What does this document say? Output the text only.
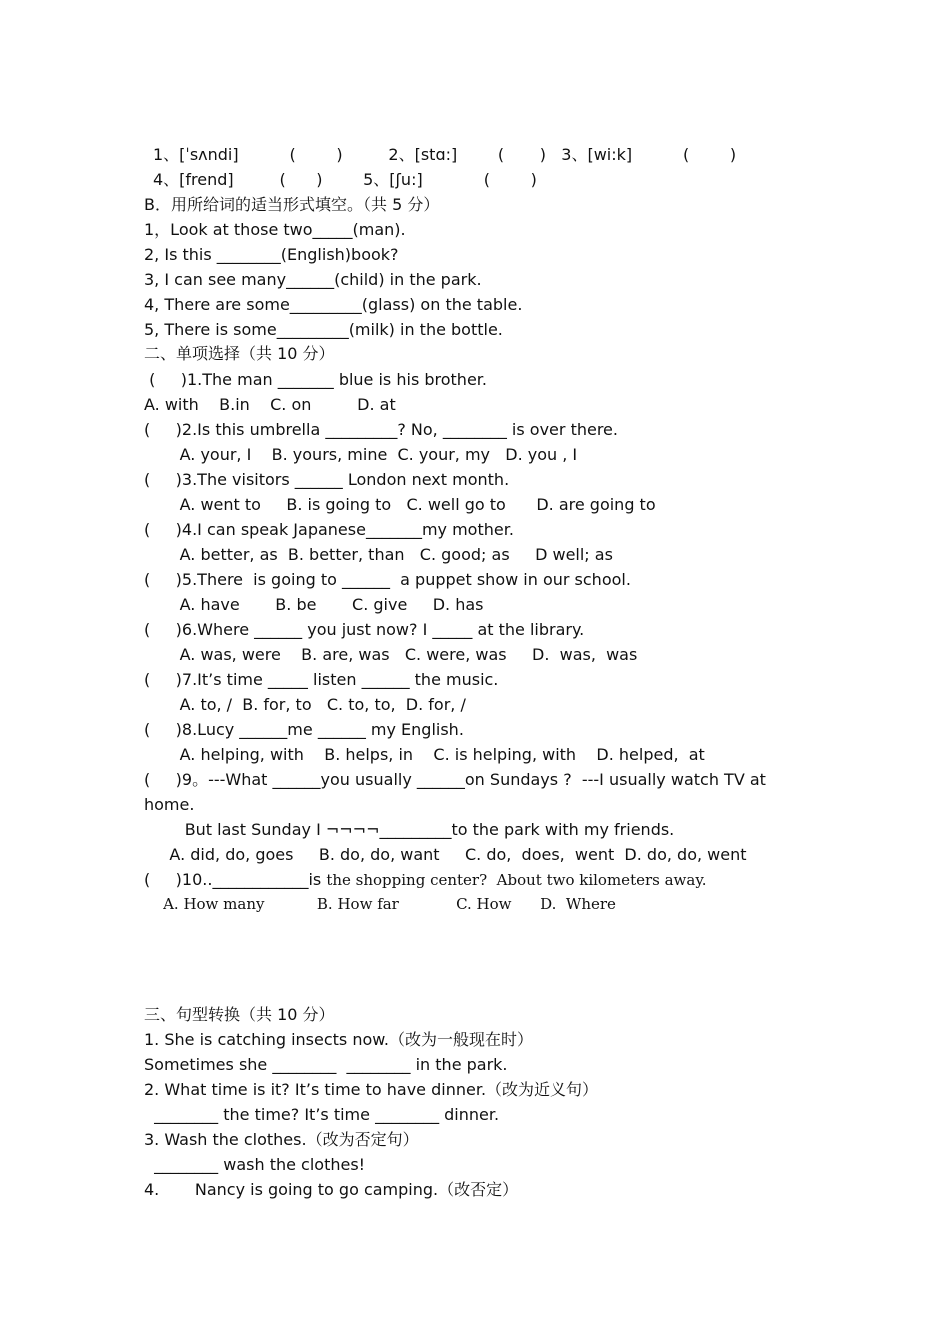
1、[ˈsʌndi]          (        )         2、[stɑ:]        (       )   3、[wi:k]          (        )
4、[frend]         (      )        5、[ʃu:]            (        )
B．用所给词的适当形式填空。（共 5 分）
1，Look at those two_____(man).
2, Is this ________(English)book?
3, I can see many______(child) in the park.
4, There are some_________(glass) on the table.
5, There is some_________(milk) in the bottle.
二、单项选择（共 10 分）
(     )1.The man _______ blue is his brother.
A. with    B.in    C. on         D. at
(     )2.Is this umbrella _________? No, ________ is over there.
A. your, I    B. yours, mine  C. your, my   D. you , I
(     )3.The visitors ______ London next month.
A. went to     B. is going to   C. well go to      D. are going to
(     )4.I can speak Japanese_______my mother.
A. better, as  B. better, than   C. good; as     D well; as
(     )5.There  is going to ______  a puppet show in our school.
A. have       B. be       C. give     D. has
(     )6.Where ______ you just now? I _____ at the library.
A. was, were    B. are, was   C. were, was     D.  was,  was
(     )7.It’s time _____ listen ______ the music.
A. to, /  B. for, to   C. to, to,  D. for, /
(     )8.Lucy ______me ______ my English.
A. helping, with    B. helps, in    C. is helping, with    D. helped,  at
(     )9。---What ______you usually ______on Sundays ?  ---I usually watch TV at
home.
But last Sunday I ¬¬¬¬_________to the park with my friends.
A. did, do, goes     B. do, do, want     C. do,  does,  went  D. do, do, went
(     )10..____________is the shopping center?  About two kilometers away.
A. How many           B. How far            C. How      D.  Where
三、句型转换（共 10 分）
1. She is catching insects now.（改为一般现在时）
Sometimes she ________  ________ in the park.
2. What time is it? It’s time to have dinner.（改为近义句）
________ the time? It’s time ________ dinner.
3. Wash the clothes.（改为否定句）
________ wash the clothes!
4.       Nancy is going to go camping.（改否定）
